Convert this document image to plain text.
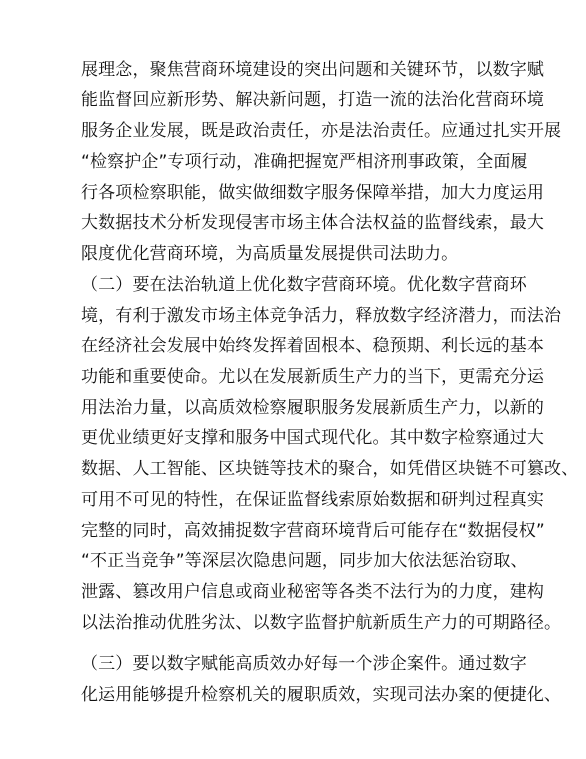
展理念，聚焦营商环境建设的突出问题和关键环节，以数字赋
能监督回应新形势、解决新问题，打造一流的法治化营商环境
服务企业发展，既是政治责任，亦是法治责任。应通过扎实开展
“检察护企”专项行动，准确把握宽严相济刑事政策，全面履
行各项检察职能，做实做细数字服务保障举措，加大力度运用
大数据技术分析发现侵害市场主体合法权益的监督线索，最大
限度优化营商环境，为高质量发展提供司法助力。
（二）要在法治轨道上优化数字营商环境。优化数字营商环
境，有利于激发市场主体竞争活力，释放数字经济潜力，而法治
在经济社会发展中始终发挥着固根本、稳预期、利长远的基本
功能和重要使命。尤以在发展新质生产力的当下，更需充分运
用法治力量，以高质效检察履职服务发展新质生产力，以新的
更优业绩更好支撑和服务中国式现代化。其中数字检察通过大
数据、人工智能、区块链等技术的聚合，如凭借区块链不可篡改、
可用不可见的特性，在保证监督线索原始数据和研判过程真实
完整的同时，高效捕捉数字营商环境背后可能存在“数据侵权”
“不正当竞争”等深层次隐患问题，同步加大依法惩治窃取、
泄露、篡改用户信息或商业秘密等各类不法行为的力度，建构
以法治推动优胜劣汰、以数字监督护航新质生产力的可期路径。
（三）要以数字赋能高质效办好每一个涉企案件。通过数字
化运用能够提升检察机关的履职质效，实现司法办案的便捷化、
